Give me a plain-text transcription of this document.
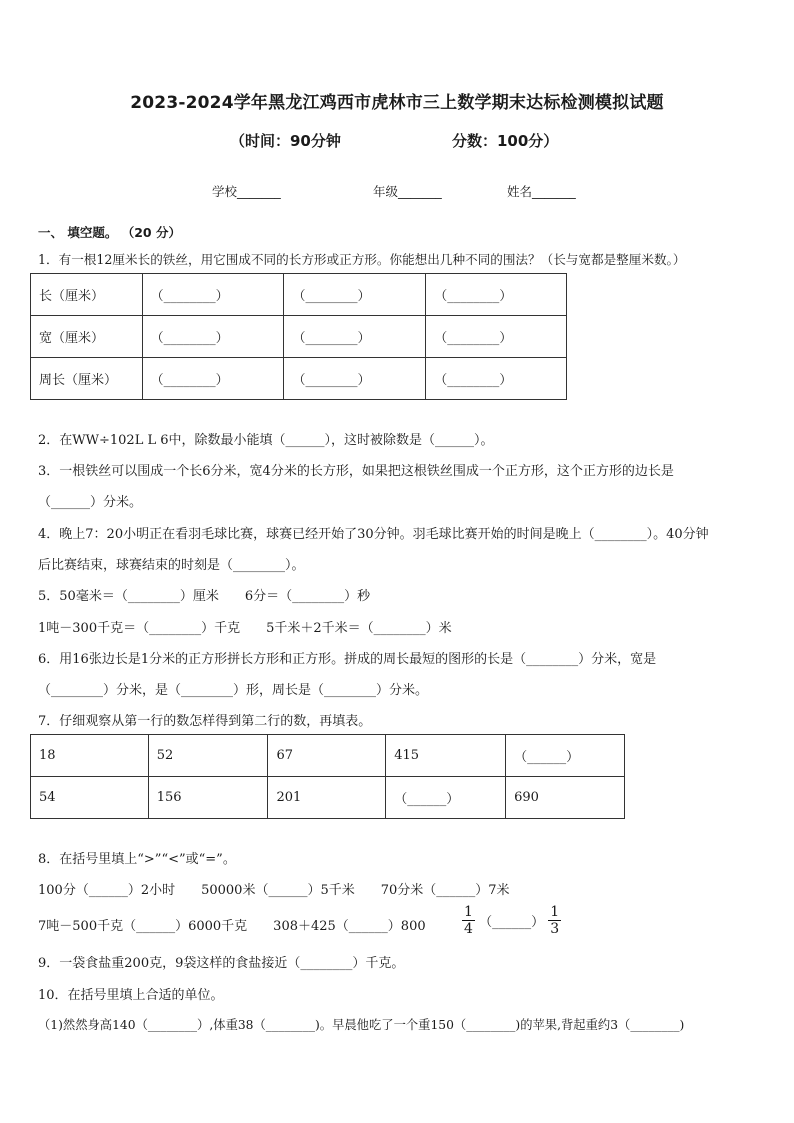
2023-2024学年黑龙江鸡西市虎林市三上数学期末达标检测模拟试题
（时间：90分钟	分数：100分）
学校_______	年级_______	姓名_______
一、 填空题。 （20 分）
1．有一根12厘米长的铁丝，用它围成不同的长方形或正方形。你能想出几种不同的围法？（长与宽都是整厘米数。）
长（厘米）	（________）	（________）	（________）
宽（厘米）	（________）	（________）	（________）
周长（厘米）	（________）	（________）	（________）
2．在WW÷102L L 6中，除数最小能填（______），这时被除数是（______）。
3．一根铁丝可以围成一个长6分米，宽4分米的长方形，如果把这根铁丝围成一个正方形，这个正方形的边长是
（______）分米。
4．晚上7：20小明正在看羽毛球比赛，球赛已经开始了30分钟。羽毛球比赛开始的时间是晚上（________）。40分钟
后比赛结束，球赛结束的时刻是（________）。
5．50毫米＝（________）厘米　　6分＝（________）秒
1吨－300千克＝（________）千克　　5千米＋2千米＝（________）米
6．用16张边长是1分米的正方形拼长方形和正方形。拼成的周长最短的图形的长是（________）分米，宽是
（________）分米，是（________）形，周长是（________）分米。
7．仔细观察从第一行的数怎样得到第二行的数，再填表。
18	52	67	415	（______）
54	156	201	（______）	690
8．在括号里填上“>”“<”或“=”。
100分（______）2小时　　50000米（______）5千米　　70分米（______）7米
7吨－500千克（______）6000千克　　308＋425（______）800	$\frac{1}{4}$ （______） $\frac{1}{3}$
9．一袋食盐重200克，9袋这样的食盐接近（________）千克。
10．在括号里填上合适的单位。
（1)然然身高140（________）,体重38（________)。早晨他吃了一个重150（________)的苹果,背起重约3（________)
